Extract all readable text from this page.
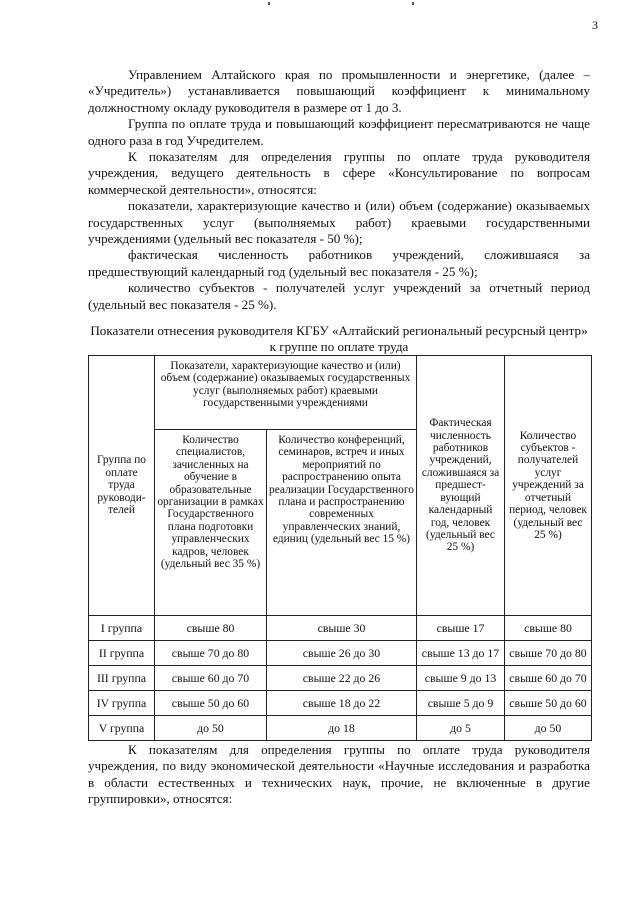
3

Управлением Алтайского края по промышленности и энергетике, (далее – «Учредитель») устанавливается повышающий коэффициент к минимальному должностному окладу руководителя в размере от 1 до 3.

Группа по оплате труда и повышающий коэффициент пересматриваются не чаще одного раза в год Учредителем.

К показателям для определения группы по оплате труда руководителя учреждения, ведущего деятельность в сфере «Консультирование по вопросам коммерческой деятельности», относятся:

показатели, характеризующие качество и (или) объем (содержание) оказываемых государственных услуг (выполняемых работ) краевыми государственными учреждениями (удельный вес показателя - 50 %);

фактическая численность работников учреждений, сложившаяся за предшествующий календарный год (удельный вес показателя - 25 %);

количество субъектов - получателей услуг учреждений за отчетный период (удельный вес показателя - 25 %).

Показатели отнесения руководителя КГБУ «Алтайский региональный ресурсный центр» к группе по оплате труда
Группа по оплате труда руководи-телей	Показатели, характеризующие качество и (или) объем (содержание) оказываемых государственных услуг (выполняемых работ) краевыми государственными учреждениями		Фактическая численность работников учреждений, сложившаяся за предшест-вующий календарный год, человек (удельный вес 25 %)	Количество субъектов - получателей услуг учреждений за отчетный период, человек (удельный вес 25 %)
	Количество специалистов, зачисленных на обучение в образовательные организации в рамках Государственного плана подготовки управленческих кадров, человек (удельный вес 35 %)	Количество конференций, семинаров, встреч и иных мероприятий по распространению опыта реализации Государственного плана и распространению современных управленческих знаний, единиц (удельный вес 15 %)		
I группа	свыше 80	свыше 30	свыше 17	свыше 80
II группа	свыше 70 до 80	свыше 26 до 30	свыше 13 до 17	свыше 70 до 80
III группа	свыше 60 до 70	свыше 22 до 26	свыше 9 до 13	свыше 60 до 70
IV группа	свыше 50 до 60	свыше 18 до 22	свыше 5 до 9	свыше 50 до 60
V группа	до 50	до 18	до 5	до 50

К показателям для определения группы по оплате труда руководителя учреждения, по виду экономической деятельности «Научные исследования и разработка в области естественных и технических наук, прочие, не включенные в другие группировки», относятся:
